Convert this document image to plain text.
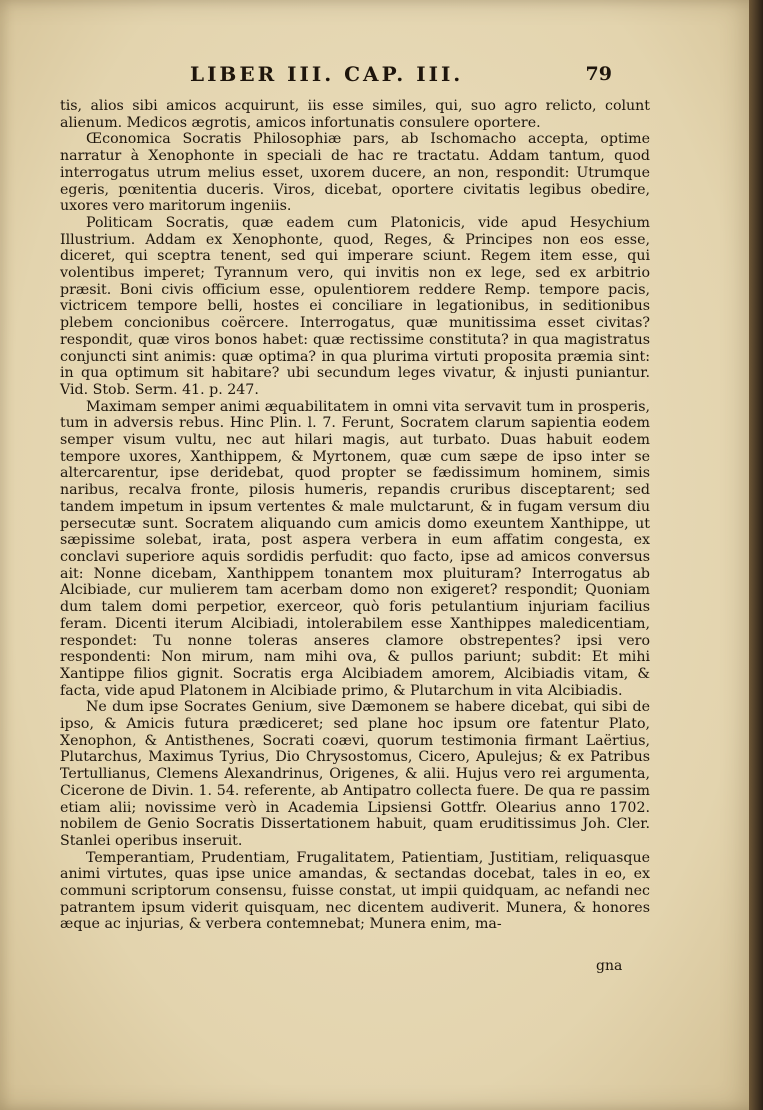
LIBER III. CAP. III.	79

tis, alios sibi amicos acquirunt, iis esse similes, qui, suo agro relicto, colunt alienum. Medicos ægrotis, amicos infortunatis consulere oportere.

Œconomica Socratis Philosophiæ pars, ab Ischomacho accepta, optime narratur à Xenophonte in speciali de hac re tractatu. Addam tantum, quod interrogatus utrum melius esset, uxorem ducere, an non, respondit: Utrumque egeris, pœnitentia duceris. Viros, dicebat, oportere civitatis legibus obedire, uxores vero maritorum ingeniis.

Politicam Socratis, quæ eadem cum Platonicis, vide apud Hesychium Illustrium. Addam ex Xenophonte, quod, Reges, & Principes non eos esse, diceret, qui sceptra tenent, sed qui imperare sciunt. Regem item esse, qui volentibus imperet; Tyrannum vero, qui invitis non ex lege, sed ex arbitrio præsit. Boni civis officium esse, opulentiorem reddere Remp. tempore pacis, victricem tempore belli, hostes ei conciliare in legationibus, in seditionibus plebem concionibus coërcere. Interrogatus, quæ munitissima esset civitas? respondit, quæ viros bonos habet: quæ rectissime constituta? in qua magistratus conjuncti sint animis: quæ optima? in qua plurima virtuti proposita præmia sint: in qua optimum sit habitare? ubi secundum leges vivatur, & injusti puniantur. Vid. Stob. Serm. 41. p. 247.

Maximam semper animi æquabilitatem in omni vita servavit tum in prosperis, tum in adversis rebus. Hinc Plin. l. 7. Ferunt, Socratem clarum sapientia eodem semper visum vultu, nec aut hilari magis, aut turbato. Duas habuit eodem tempore uxores, Xanthippem, & Myrtonem, quæ cum sæpe de ipso inter se altercarentur, ipse deridebat, quod propter se fædissimum hominem, simis naribus, recalva fronte, pilosis humeris, repandis cruribus disceptarent; sed tandem impetum in ipsum vertentes & male mulctarunt, & in fugam versum diu persecutæ sunt. Socratem aliquando cum amicis domo exeuntem Xanthippe, ut sæpissime solebat, irata, post aspera verbera in eum affatim congesta, ex conclavi superiore aquis sordidis perfudit: quo facto, ipse ad amicos conversus ait: Nonne dicebam, Xanthippem tonantem mox pluituram? Interrogatus ab Alcibiade, cur mulierem tam acerbam domo non exigeret? respondit; Quoniam dum talem domi perpetior, exerceor, quò foris petulantium injuriam facilius feram. Dicenti iterum Alcibiadi, intolerabilem esse Xanthippes maledicentiam, respondet: Tu nonne toleras anseres clamore obstrepentes? ipsi vero respondenti: Non mirum, nam mihi ova, & pullos pariunt; subdit: Et mihi Xantippe filios gignit. Socratis erga Alcibiadem amorem, Alcibiadis vitam, & facta, vide apud Platonem in Alcibiade primo, & Plutarchum in vita Alcibiadis.

Ne dum ipse Socrates Genium, sive Dæmonem se habere dicebat, qui sibi de ipso, & Amicis futura prædiceret; sed plane hoc ipsum ore fatentur Plato, Xenophon, & Antisthenes, Socrati coævi, quorum testimonia firmant Laërtius, Plutarchus, Maximus Tyrius, Dio Chrysostomus, Cicero, Apulejus; & ex Patribus Tertullianus, Clemens Alexandrinus, Origenes, & alii. Hujus vero rei argumenta, Cicerone de Divin. 1. 54. referente, ab Antipatro collecta fuere. De qua re passim etiam alii; novissime verò in Academia Lipsiensi Gottfr. Olearius anno 1702. nobilem de Genio Socratis Dissertationem habuit, quam eruditissimus Joh. Cler. Stanlei operibus inseruit.

Temperantiam, Prudentiam, Frugalitatem, Patientiam, Justitiam, reliquasque animi virtutes, quas ipse unice amandas, & sectandas docebat, tales in eo, ex communi scriptorum consensu, fuisse constat, ut impii quidquam, ac nefandi nec patrantem ipsum viderit quisquam, nec dicentem audiverit. Munera, & honores æque ac injurias, & verbera contemnebat; Munera enim, ma-

gna
